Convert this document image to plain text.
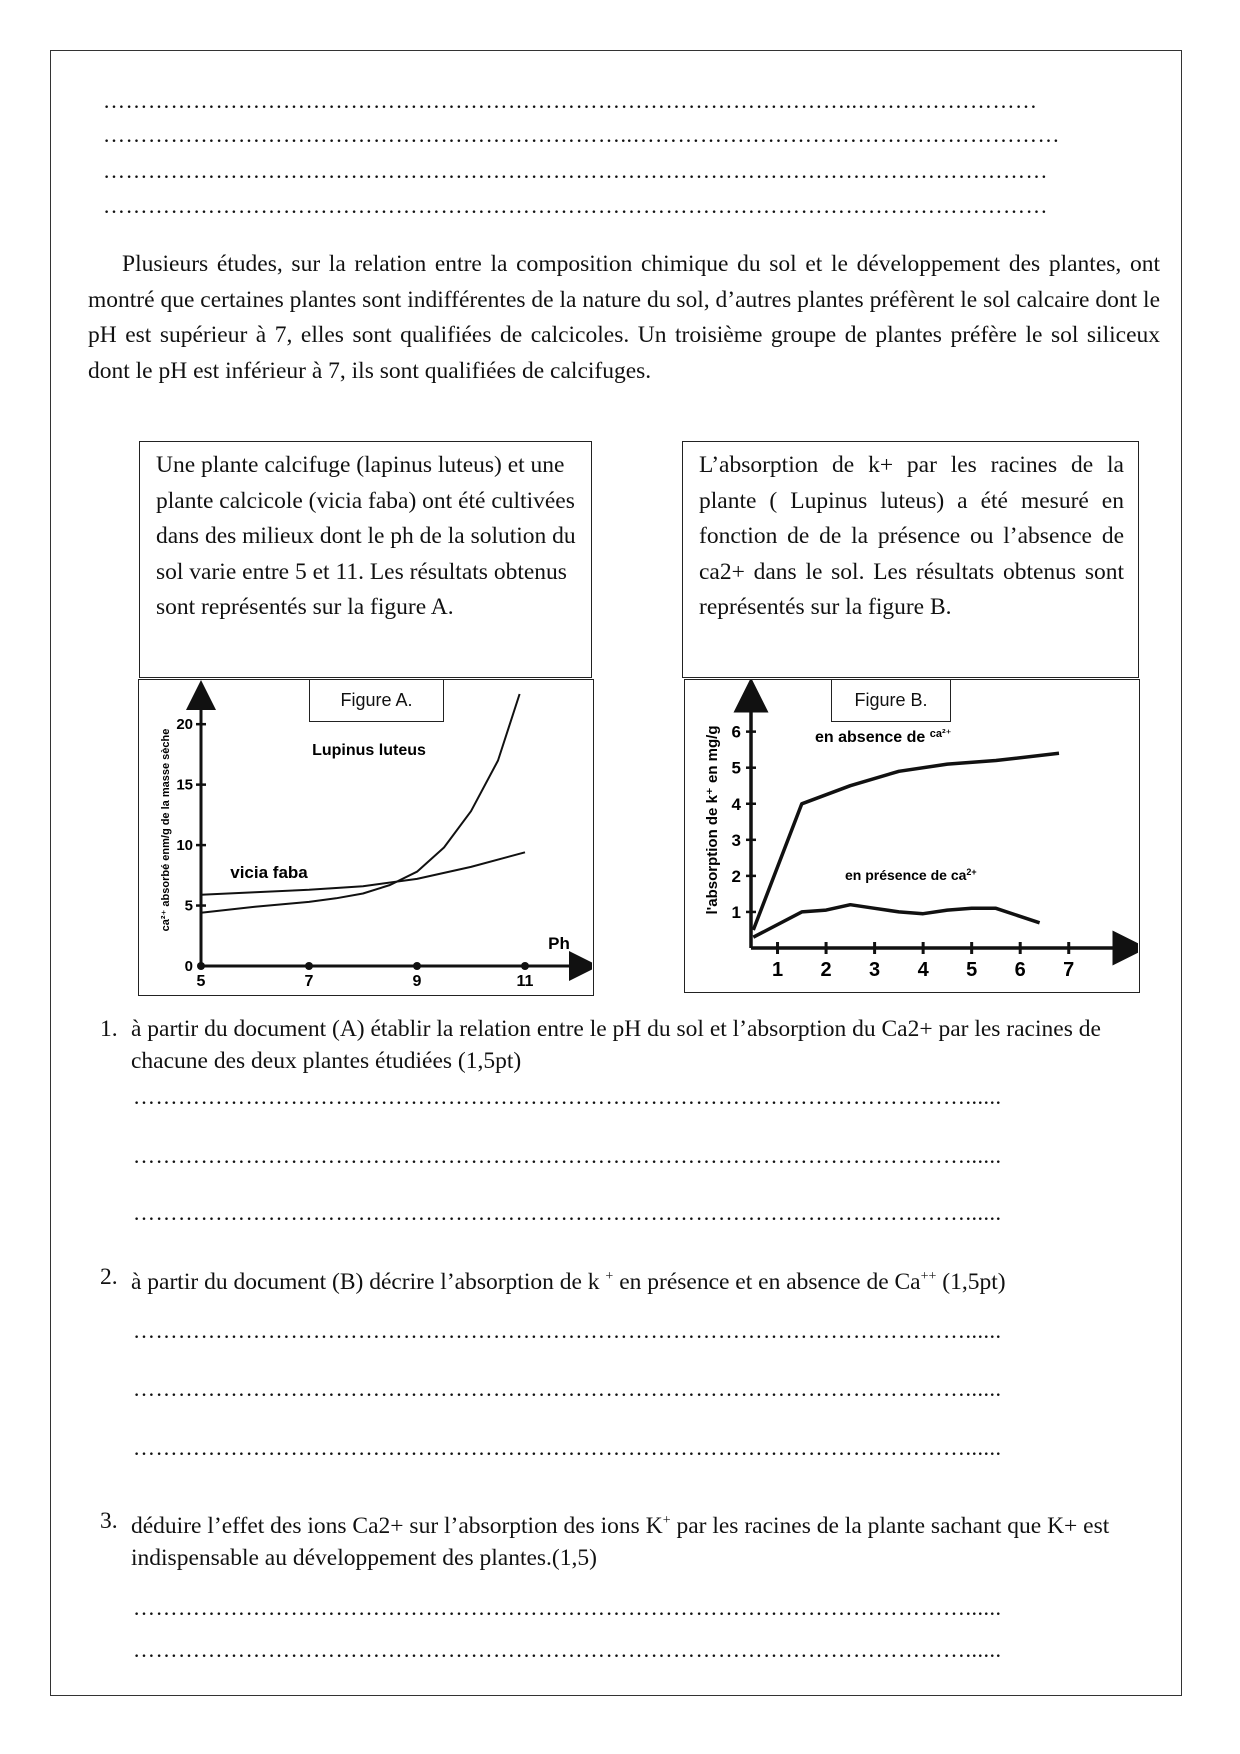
………………………………………………………………………………………..……………………
……………………………………………………………..…………………………………………………
………………………………………………………………………………………………………………
………………………………………………………………………………………………………………

Plusieurs études, sur la relation entre la composition chimique du sol et le développement des plantes, ont montré que certaines plantes sont indifférentes de la nature du sol, d’autres plantes préfèrent le sol calcaire dont le pH est supérieur à 7, elles sont qualifiées de calcicoles. Un troisième groupe de plantes préfère le sol siliceux dont le pH est inférieur à 7, ils sont qualifiées de calcifuges.

Une plante calcifuge (lapinus luteus) et une plante calcicole (vicia faba) ont été cultivées dans des milieux dont le ph de la solution du sol varie entre 5 et 11. Les résultats obtenus sont représentés sur la figure A.
L’absorption de k+ par les racines de la plante ( Lupinus luteus) a été mesuré en fonction de de la présence ou l’absence de ca2+ dans le sol. Les résultats obtenus sont représentés sur la figure B.
0
5
10
15
20
5	7	9	11
ca²⁺ absorbé enm/g de la masse sèche
Ph
Lupinus luteus
vicia faba
Figure A.
1
2
3
4
5
6
1 2 3 4 5 6 7
l'absorption de k⁺ en mg/g	en absence de $^{ca^{2+}}$
en présence de $ca^{2+}$
Figure B.
1. à partir du document (A) établir la relation entre le pH du sol et l’absorption du Ca2+ par les racines de chacune des deux plantes étudiées (1,5pt)
…………………………………………………………………………………………………......
…………………………………………………………………………………………………......
…………………………………………………………………………………………………......
2. à partir du document (B) décrire l’absorption de k + en présence et en absence de Ca++ (1,5pt)
…………………………………………………………………………………………………......
…………………………………………………………………………………………………......
…………………………………………………………………………………………………......
3. déduire l’effet des ions Ca2+ sur l’absorption des ions K+ par les racines de la plante sachant que K+ est indispensable au développement des plantes.(1,5)
…………………………………………………………………………………………………......
…………………………………………………………………………………………………......
